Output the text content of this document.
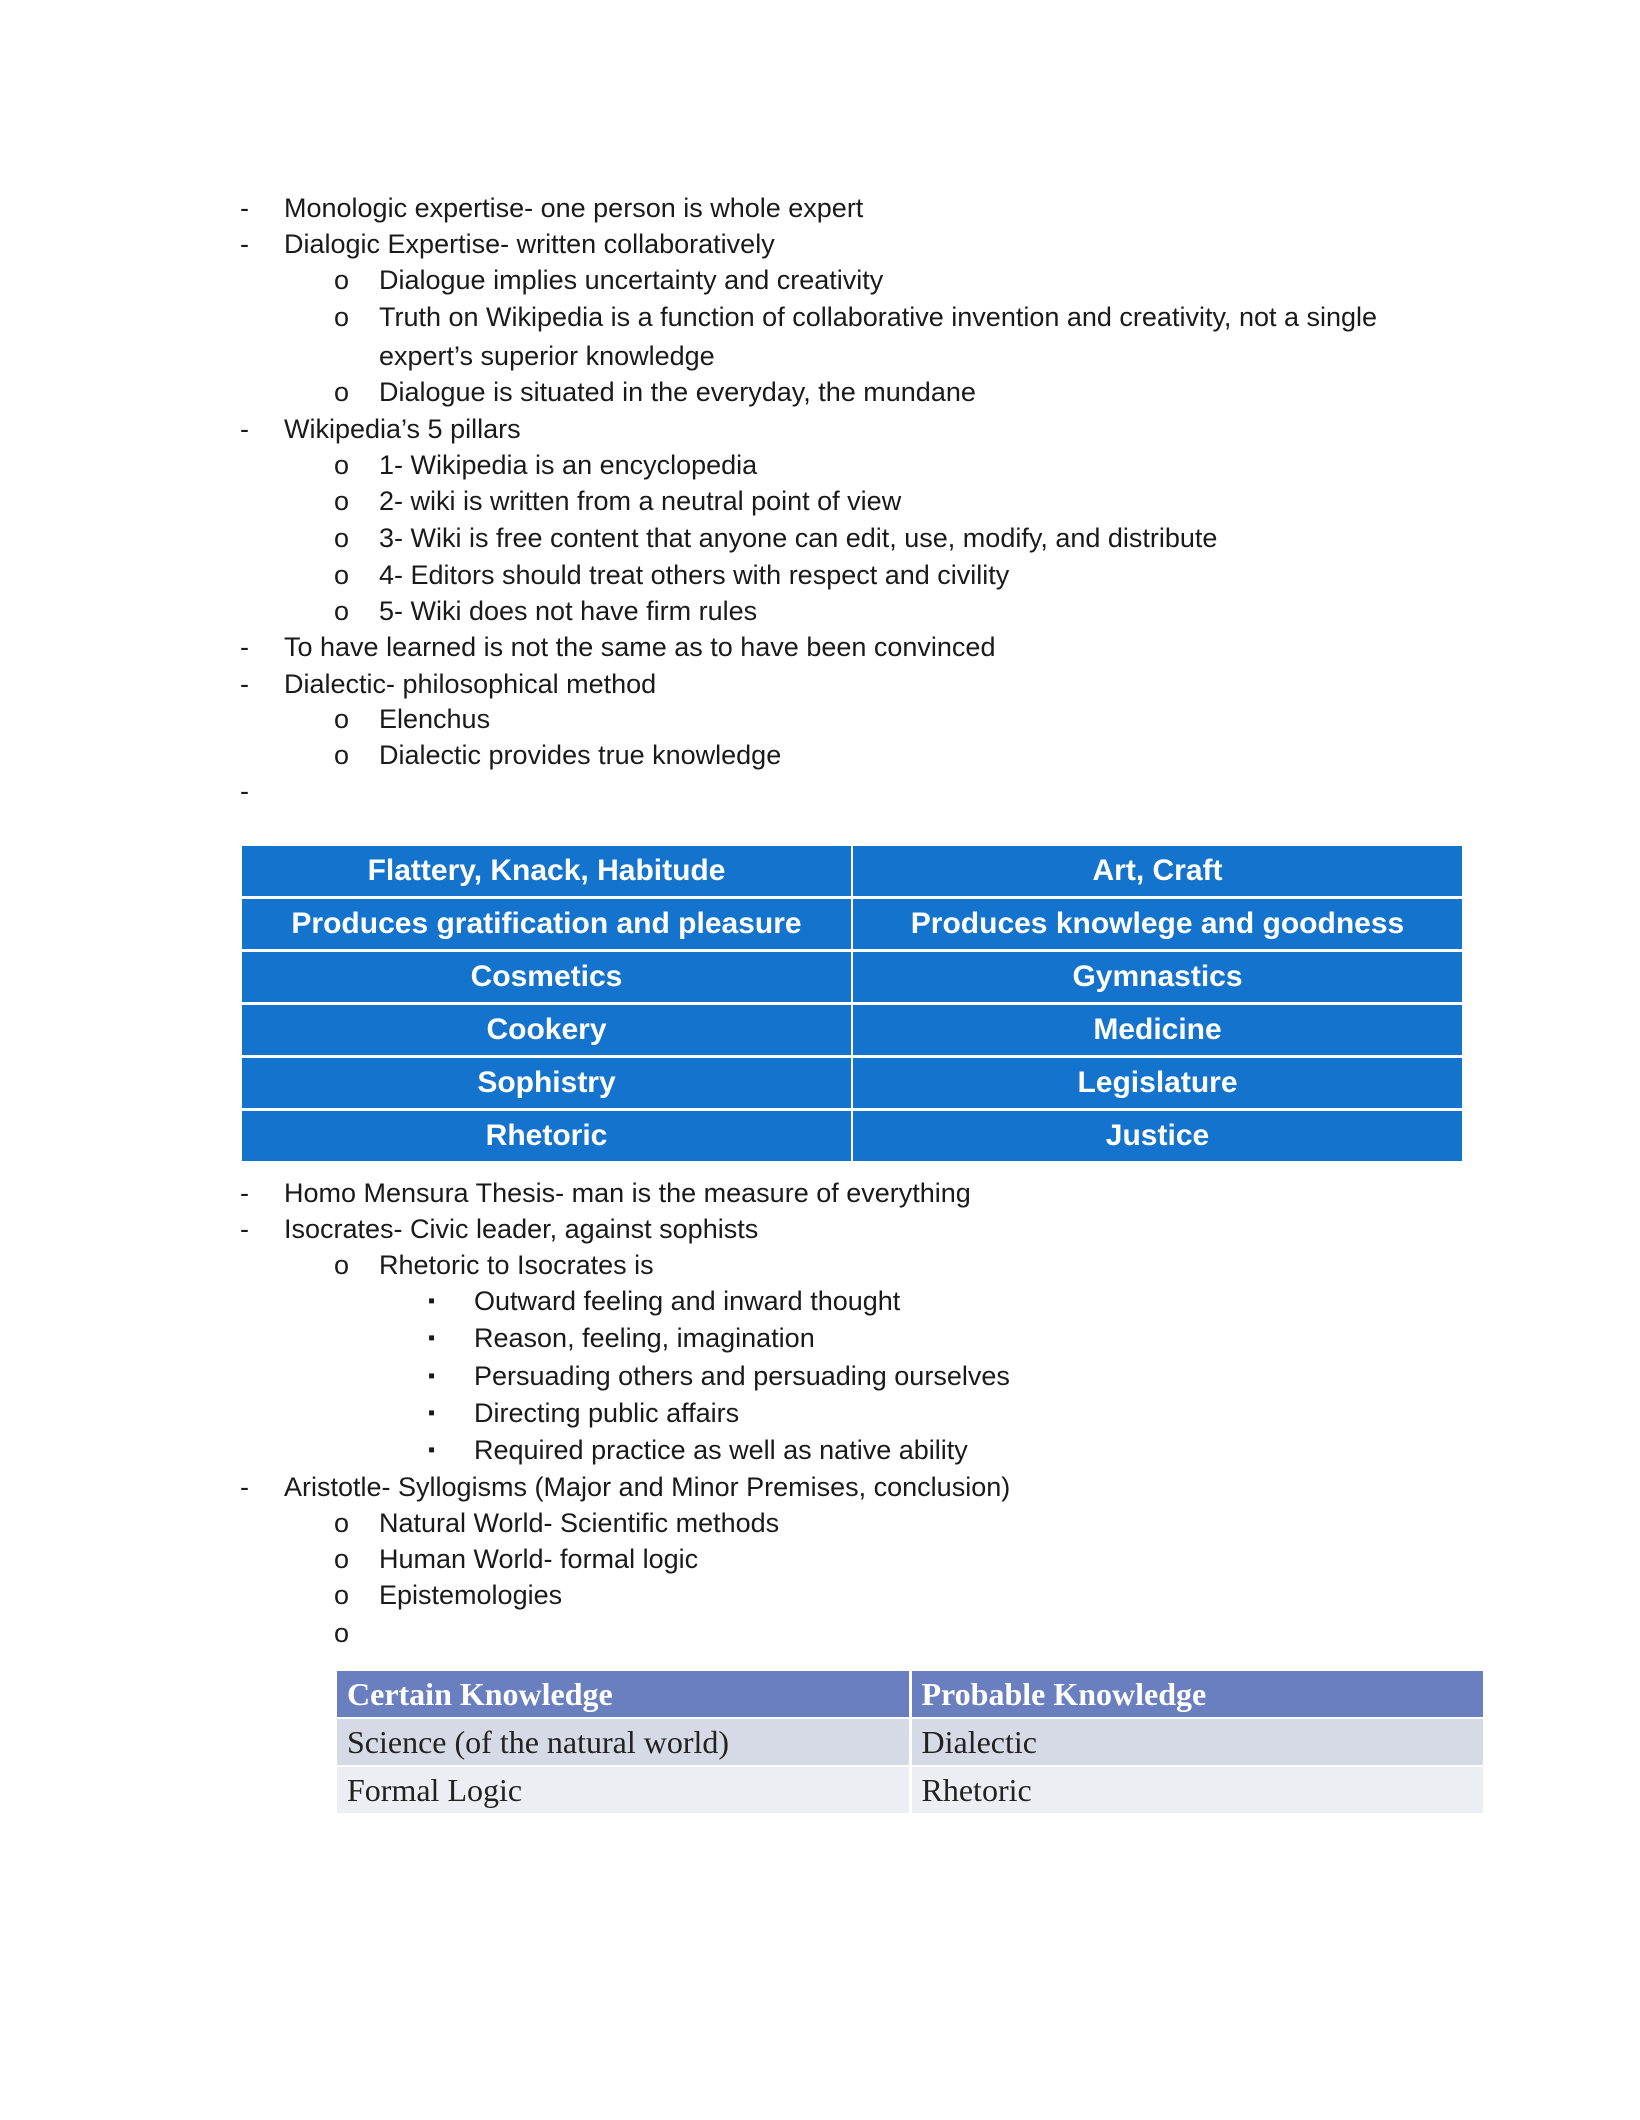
- Monologic expertise- one person is whole expert
- Dialogic Expertise- written collaboratively
o Dialogue implies uncertainty and creativity
o Truth on Wikipedia is a function of collaborative invention and creativity, not a single
expert’s superior knowledge
o Dialogue is situated in the everyday, the mundane
- Wikipedia’s 5 pillars
o 1- Wikipedia is an encyclopedia
o 2- wiki is written from a neutral point of view
o 3- Wiki is free content that anyone can edit, use, modify, and distribute
o 4- Editors should treat others with respect and civility
o 5- Wiki does not have firm rules
- To have learned is not the same as to have been convinced
- Dialectic- philosophical method
o Elenchus
o Dialectic provides true knowledge
-
Flattery, Knack, Habitude	Art, Craft
Produces gratification and pleasure	Produces knowlege and goodness
Cosmetics	Gymnastics
Cookery	Medicine
Sophistry	Legislature
Rhetoric	Justice
- Homo Mensura Thesis- man is the measure of everything
- Isocrates- Civic leader, against sophists
o Rhetoric to Isocrates is
▪ Outward feeling and inward thought
▪ Reason, feeling, imagination
▪ Persuading others and persuading ourselves
▪ Directing public affairs
▪ Required practice as well as native ability
- Aristotle- Syllogisms (Major and Minor Premises, conclusion)
o Natural World- Scientific methods
o Human World- formal logic
o Epistemologies
o
Certain Knowledge	Probable Knowledge
Science (of the natural world)	Dialectic
Formal Logic	Rhetoric
